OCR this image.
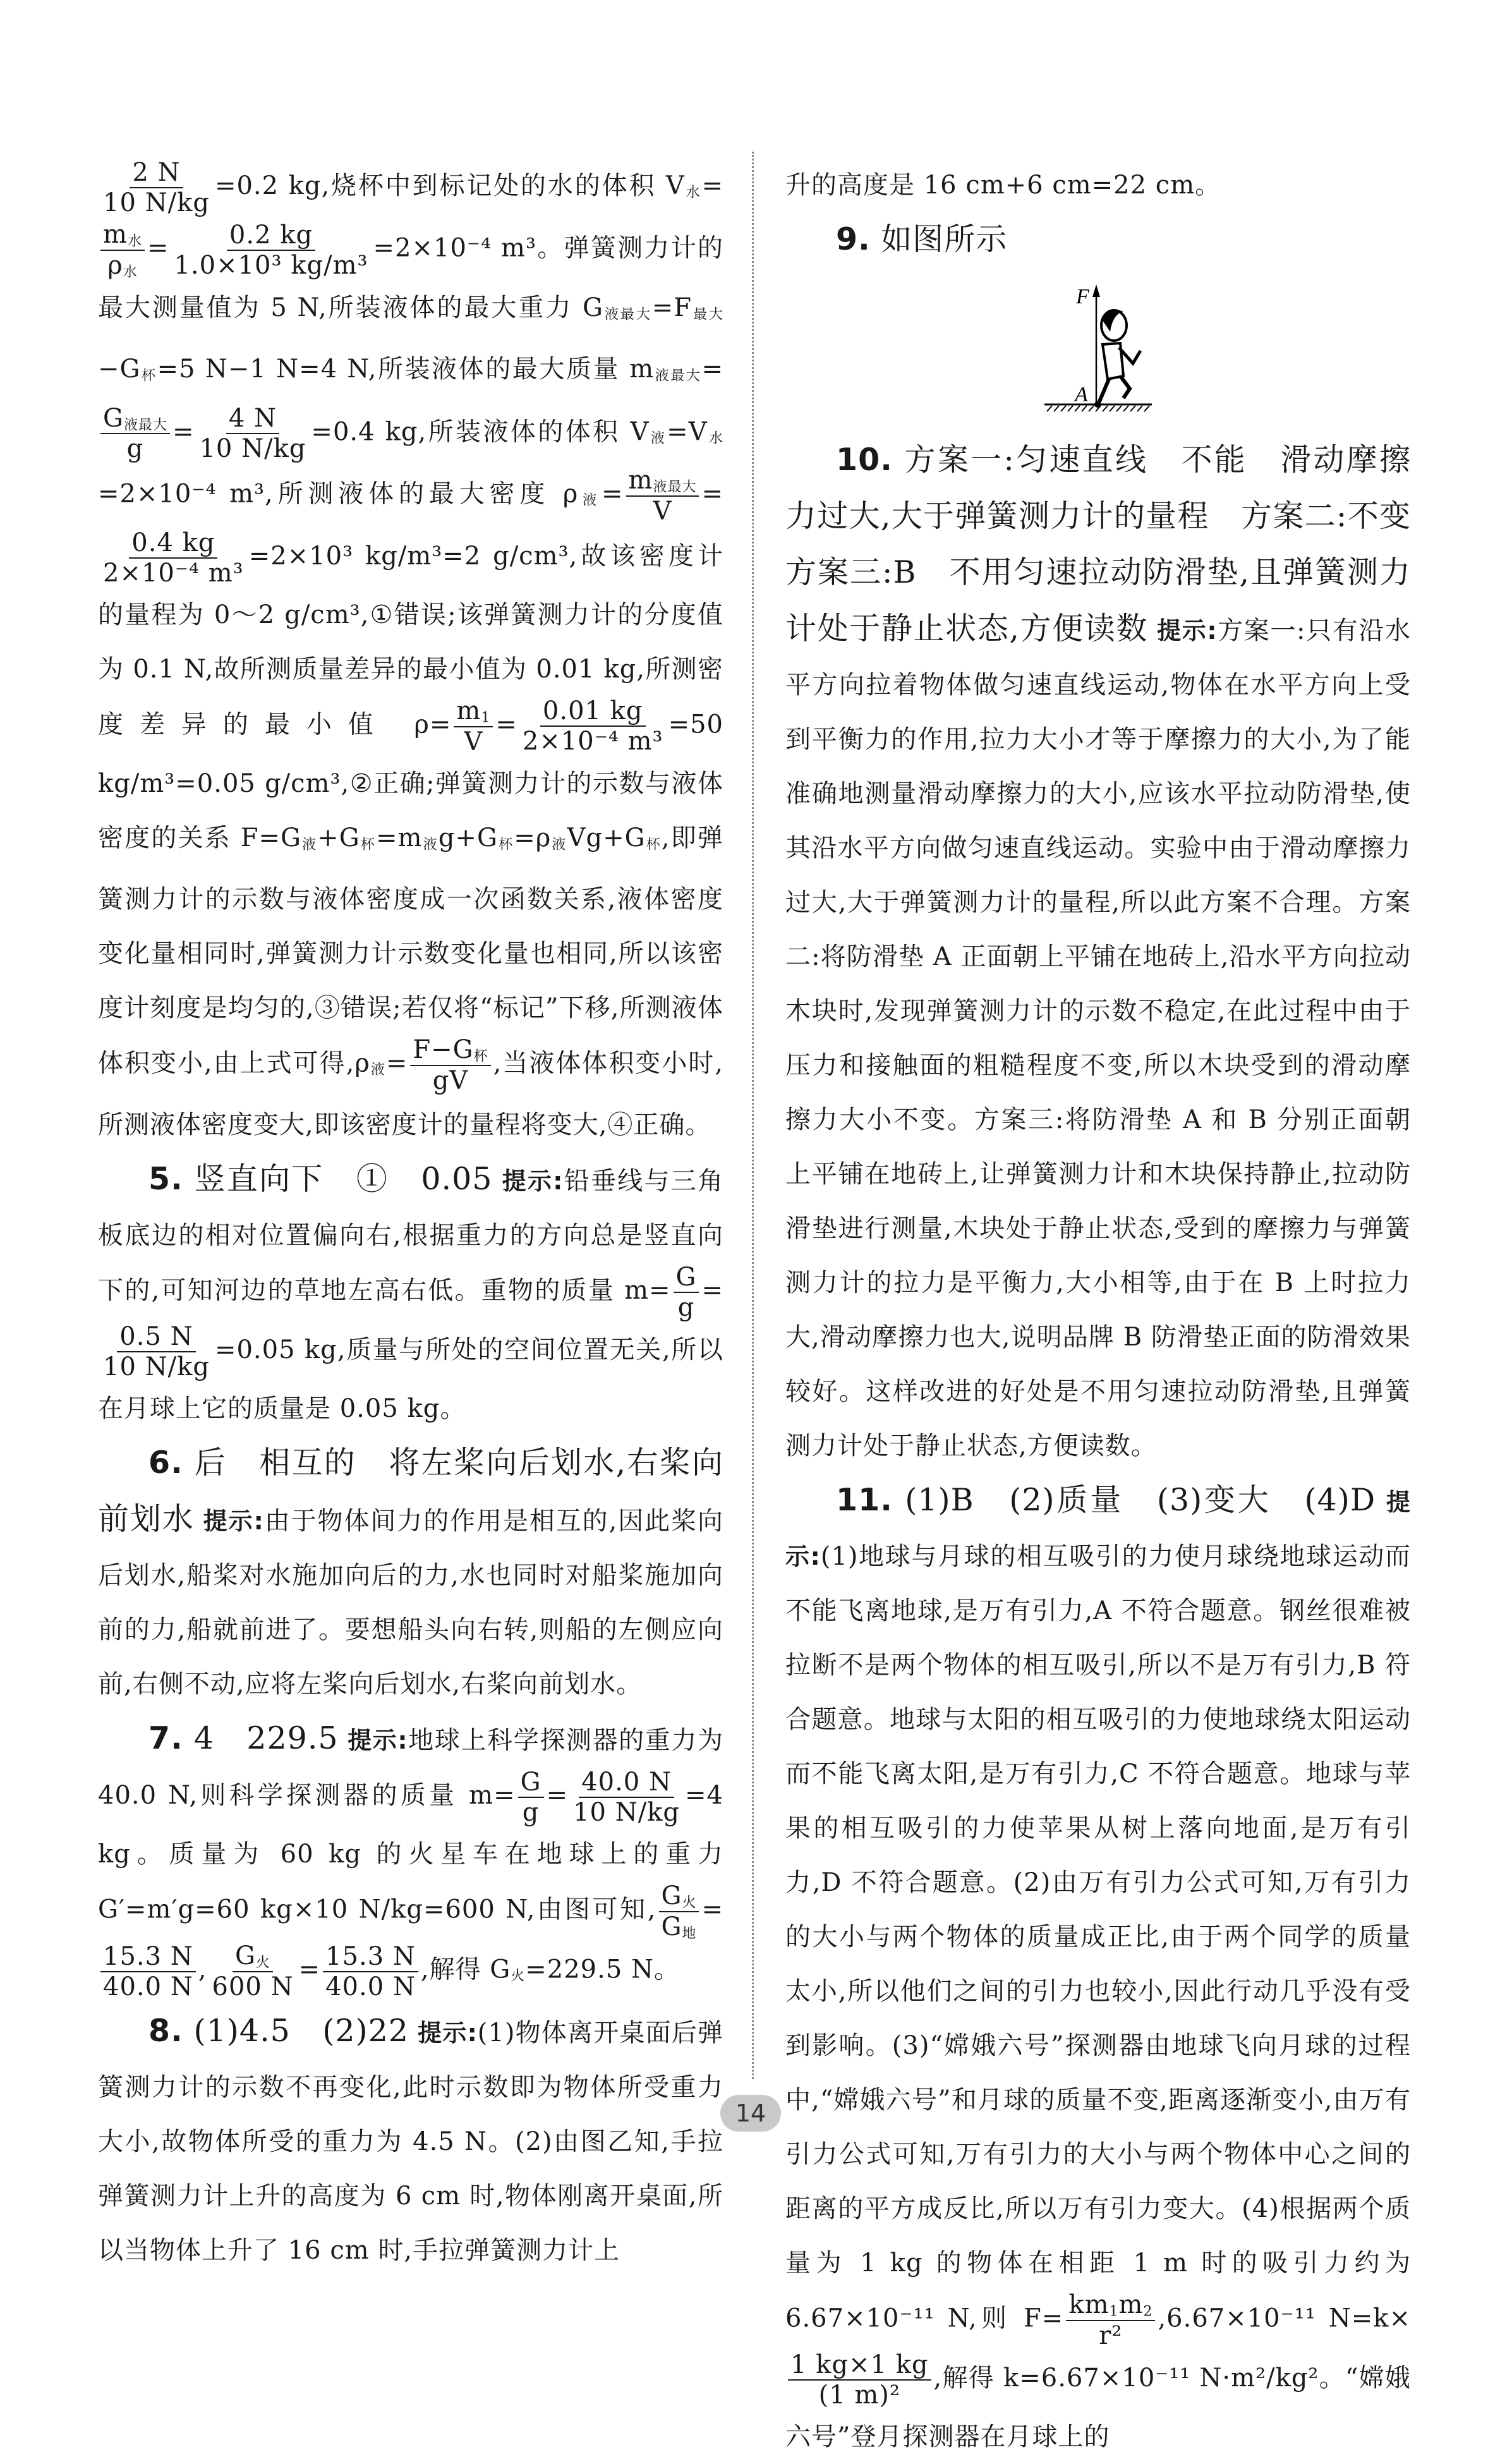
$\frac{2 N}{10 N/kg} =0.2$ kg,烧杯中到标记处的水的体积 $V_水=$
$\frac{m_水}{\rho_水} = \frac{0.2 kg}{\text{1.0×10³ kg/m³}} =2\times 10^{-4}$ m³。弹簧测力计的最大测量值为 5 N,所装液体的最大重力 $G_{液最大}=F_{最大}-G_杯=5$ N−1 N=4 N,所装液体的最大质量 $m_{液最大}=$
$\frac{G_{液最大}}{g} = \frac{4 N}{10 N/kg} =0.4$ kg,所装液体的体积 $V_液=V_水=2\times 10^{-4}$ m³,所测液体的最大密度 $\rho_液= \frac{m_{液最大}}{V}$ =
$\frac{0.4 kg}{\text{2×10⁻⁴ m³}} =2\times 10^3$ kg/m³=2 g/cm³,故该密度计的量程为 0～2 g/cm³,①错误;该弹簧测力计的分度值为 0.1 N,故所测质量差异的最小值为 0.01 kg,所测密度差异的最小值 $\rho= \frac{m_1}{V} = \frac{0.01 kg}{\text{2×10⁻⁴ m³}} =50$ kg/m³=0.05 g/cm³,②正确;弹簧测力计的示数与液体密度的关系 $F=G_液+G_杯=m_液g+G_杯=\rho_液Vg+G_杯$,即弹簧测力计的示数与液体密度成一次函数关系,液体密度变化量相同时,弹簧测力计示数变化量也相同,所以该密度计刻度是均匀的,③错误;若仅将“标记”下移,所测液体体积变小,由上式可得$,\rho_液= \frac{F-G_杯}{gV}$ ,当液体体积变小时,所测液体密度变大,即该密度计的量程将变大,④正确。

5. 竖直向下　①　0.05 提示:铅垂线与三角板底边的相对位置偏向右,根据重力的方向总是竖直向下的,可知河边的草地左高右低。重物的质量 $m= \frac{G}{g}$ =
$\frac{0.5 N}{10 N/kg} =0.05$ kg,质量与所处的空间位置无关,所以在月球上它的质量是 0.05 kg。

6. 后　相互的　将左桨向后划水,右桨向前划水 提示:由于物体间力的作用是相互的,因此桨向后划水,船桨对水施加向后的力,水也同时对船桨施加向前的力,船就前进了。要想船头向右转,则船的左侧应向前,右侧不动,应将左桨向后划水,右桨向前划水。

7. 4　229.5 提示:地球上科学探测器的重力为 40.0 N,则科学探测器的质量 $m= \frac{G}{g} = \frac{40.0 N}{10 N/kg} =4$ kg。质量为 60 kg 的火星车在地球上的重力 G′=m′g=60 kg×10 N/kg=600 N,由图可知, $\frac{G_火}{G_地}$ =
$\frac{15.3 N}{40.0 N}$ , $\frac{G_火}{600 N} = \frac{15.3 N}{40.0 N}$ ,解得 $G_火=229.5$ N。

8. (1)4.5　(2)22 提示:(1)物体离开桌面后弹簧测力计的示数不再变化,此时示数即为物体所受重力大小,故物体所受的重力为 4.5 N。(2)由图乙知,手拉弹簧测力计上升的高度为 6 cm 时,物体刚离开桌面,所以当物体上升了 16 cm 时,手拉弹簧测力计上

升的高度是 16 cm+6 cm=22 cm。

9. 如图所示

F
A

10. 方案一:匀速直线　不能　滑动摩擦力过大,大于弹簧测力计的量程　方案二:不变　方案三:B　不用匀速拉动防滑垫,且弹簧测力计处于静止状态,方便读数 提示:方案一:只有沿水平方向拉着物体做匀速直线运动,物体在水平方向上受到平衡力的作用,拉力大小才等于摩擦力的大小,为了能准确地测量滑动摩擦力的大小,应该水平拉动防滑垫,使其沿水平方向做匀速直线运动。实验中由于滑动摩擦力过大,大于弹簧测力计的量程,所以此方案不合理。方案二:将防滑垫 A 正面朝上平铺在地砖上,沿水平方向拉动木块时,发现弹簧测力计的示数不稳定,在此过程中由于压力和接触面的粗糙程度不变,所以木块受到的滑动摩擦力大小不变。方案三:将防滑垫 A 和 B 分别正面朝上平铺在地砖上,让弹簧测力计和木块保持静止,拉动防滑垫进行测量,木块处于静止状态,受到的摩擦力与弹簧测力计的拉力是平衡力,大小相等,由于在 B 上时拉力大,滑动摩擦力也大,说明品牌 B 防滑垫正面的防滑效果较好。这样改进的好处是不用匀速拉动防滑垫,且弹簧测力计处于静止状态,方便读数。

11. (1)B　(2)质量　(3)变大　(4)D 提示:(1)地球与月球的相互吸引的力使月球绕地球运动而不能飞离地球,是万有引力,A 不符合题意。钢丝很难被拉断不是两个物体的相互吸引,所以不是万有引力,B 符合题意。地球与太阳的相互吸引的力使地球绕太阳运动而不能飞离太阳,是万有引力,C 不符合题意。地球与苹果的相互吸引的力使苹果从树上落向地面,是万有引力,D 不符合题意。(2)由万有引力公式可知,万有引力的大小与两个物体的质量成正比,由于两个同学的质量太小,所以他们之间的引力也较小,因此行动几乎没有受到影响。(3)“嫦娥六号”探测器由地球飞向月球的过程中,“嫦娥六号”和月球的质量不变,距离逐渐变小,由万有引力公式可知,万有引力的大小与两个物体中心之间的距离的平方成反比,所以万有引力变大。(4)根据两个质量为 1 kg 的物体在相距 1 m 时的吸引力约为 6.67×10⁻¹¹ N,则 $F= \frac{km_1m_2}{\text{r²}} ,6.67\times 10^{-11}$ N=k×
$\frac{1 kg\times 1 kg}{\text{(1 m)²}}$ ,解得 k=6.67×10⁻¹¹ N·m²/kg²。“嫦娥六号”登月探测器在月球上的

14
